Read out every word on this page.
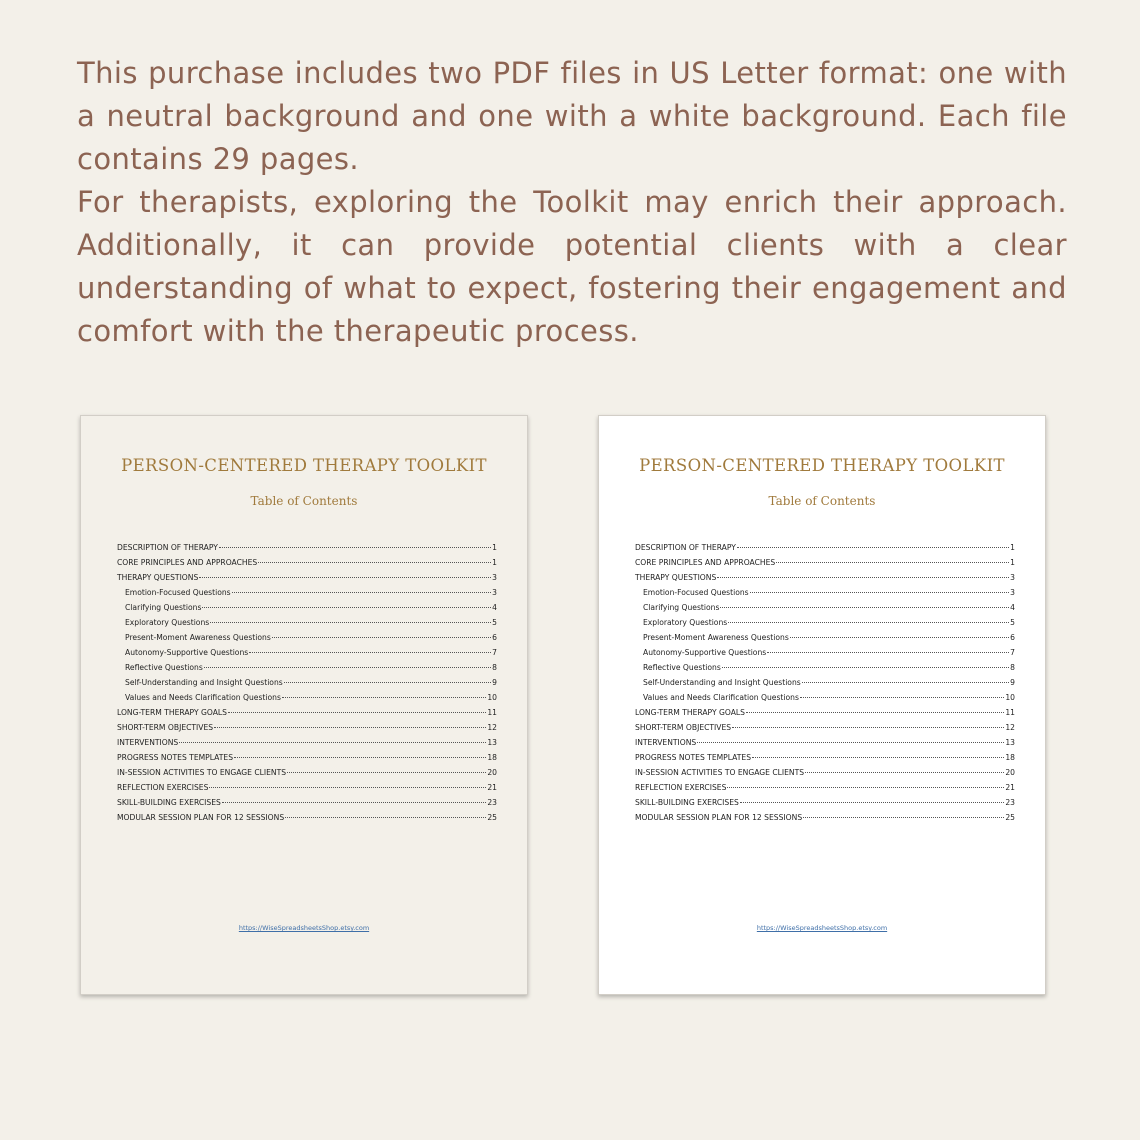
This purchase includes two PDF files in US Letter format: one with a neutral background and one with a white background. Each file contains 29 pages.

For therapists, exploring the Toolkit may enrich their approach. Additionally, it can provide potential clients with a clear understanding of what to expect, fostering their engagement and comfort with the therapeutic process.

PERSON-CENTERED THERAPY TOOLKIT
Table of Contents
DESCRIPTION OF THERAPY	1
CORE PRINCIPLES AND APPROACHES	1
THERAPY QUESTIONS	3
Emotion-Focused Questions	3
Clarifying Questions	4
Exploratory Questions	5
Present-Moment Awareness Questions	6
Autonomy-Supportive Questions	7
Reflective Questions	8
Self-Understanding and Insight Questions	9
Values and Needs Clarification Questions	10
LONG-TERM THERAPY GOALS	11
SHORT-TERM OBJECTIVES	12
INTERVENTIONS	13
PROGRESS NOTES TEMPLATES	18
IN-SESSION ACTIVITIES TO ENGAGE CLIENTS	20
REFLECTION EXERCISES	21
SKILL-BUILDING EXERCISES	23
MODULAR SESSION PLAN FOR 12 SESSIONS	25
https://WiseSpreadsheetsShop.etsy.com
PERSON-CENTERED THERAPY TOOLKIT
Table of Contents
DESCRIPTION OF THERAPY	1
CORE PRINCIPLES AND APPROACHES	1
THERAPY QUESTIONS	3
Emotion-Focused Questions	3
Clarifying Questions	4
Exploratory Questions	5
Present-Moment Awareness Questions	6
Autonomy-Supportive Questions	7
Reflective Questions	8
Self-Understanding and Insight Questions	9
Values and Needs Clarification Questions	10
LONG-TERM THERAPY GOALS	11
SHORT-TERM OBJECTIVES	12
INTERVENTIONS	13
PROGRESS NOTES TEMPLATES	18
IN-SESSION ACTIVITIES TO ENGAGE CLIENTS	20
REFLECTION EXERCISES	21
SKILL-BUILDING EXERCISES	23
MODULAR SESSION PLAN FOR 12 SESSIONS	25
https://WiseSpreadsheetsShop.etsy.com
